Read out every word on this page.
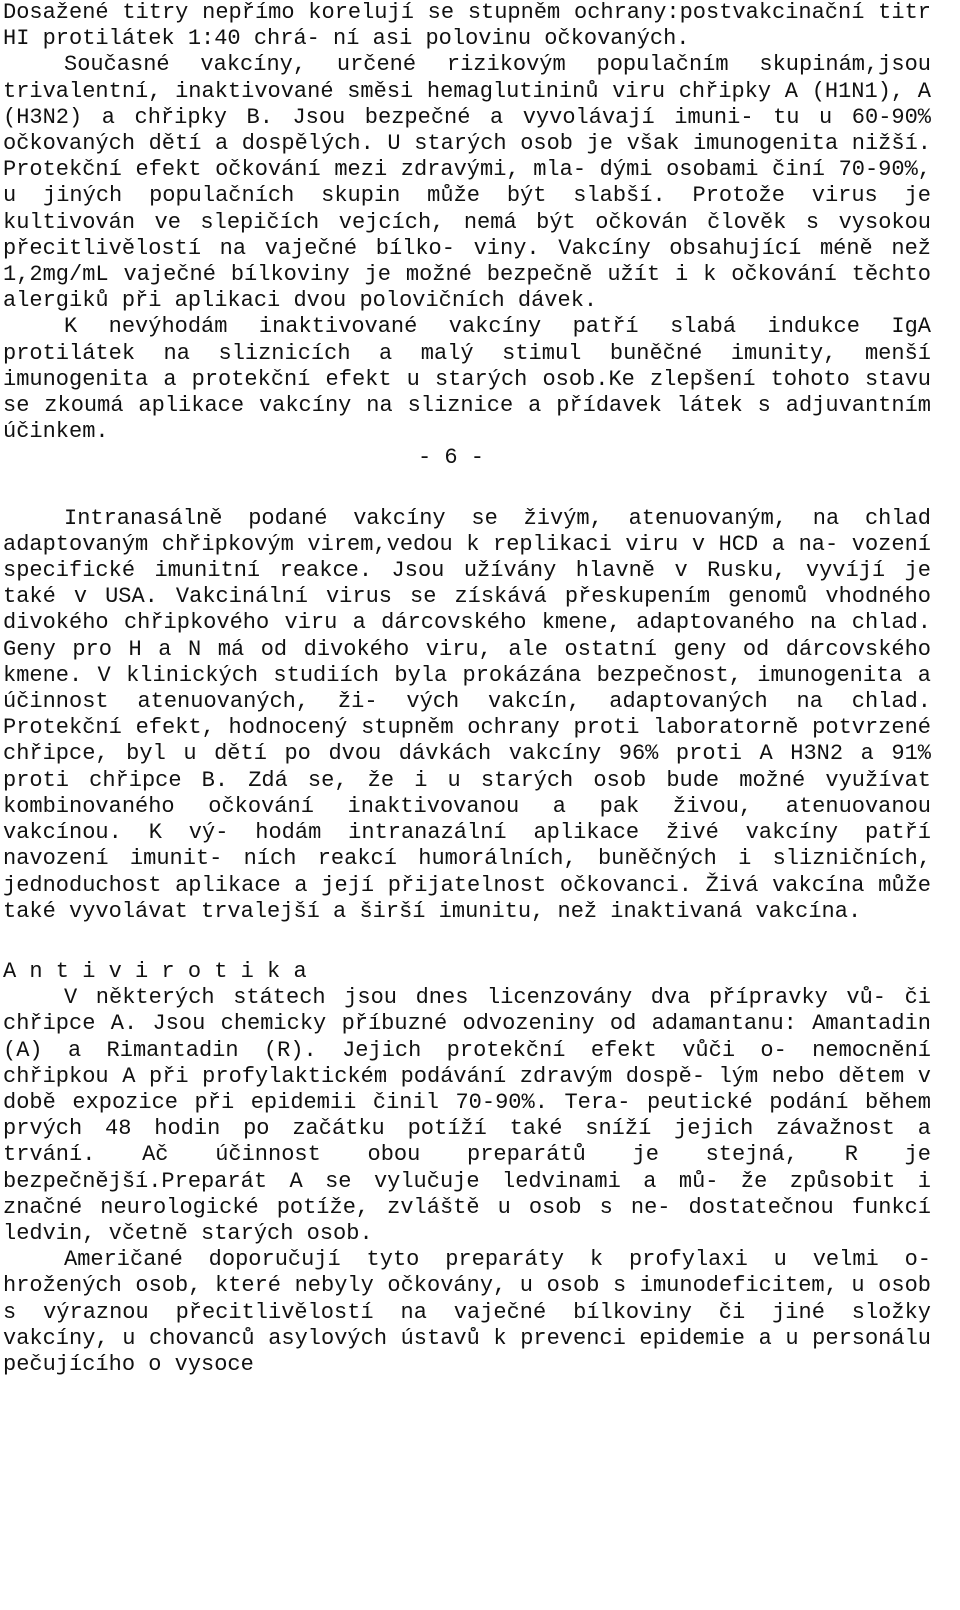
Dosažené titry nepřímo korelují se stupněm ochrany:postvakcinační titr HI protilátek 1:40 chrá- ní asi polovinu očkovaných.

Současné vakcíny, určené rizikovým populačním skupinám,jsou trivalentní, inaktivované směsi hemaglutininů viru chřipky A (H1N1), A (H3N2) a chřipky B. Jsou bezpečné a vyvolávají imuni- tu u 60-90% očkovaných dětí a dospělých. U starých osob je však imunogenita nižší. Protekční efekt očkování mezi zdravými, mla- dými osobami činí 70-90%, u jiných populačních skupin může být slabší. Protože virus je kultivován ve slepičích vejcích, nemá být očkován člověk s vysokou přecitlivělostí na vaječné bílko- viny. Vakcíny obsahující méně než 1,2mg/mL vaječné bílkoviny je možné bezpečně užít i k očkování těchto alergiků při aplikaci dvou polovičních dávek.

K nevýhodám inaktivované vakcíny patří slabá indukce IgA protilátek na sliznicích a malý stimul buněčné imunity, menší imunogenita a protekční efekt u starých osob.Ke zlepšení tohoto stavu se zkoumá aplikace vakcíny na sliznice a přídavek látek s adjuvantním účinkem.

- 6 -

Intranasálně podané vakcíny se živým, atenuovaným, na chlad adaptovaným chřipkovým virem,vedou k replikaci viru v HCD a na- vození specifické imunitní reakce. Jsou užívány hlavně v Rusku, vyvíjí je také v USA. Vakcinální virus se získává přeskupením genomů vhodného divokého chřipkového viru a dárcovského kmene, adaptovaného na chlad. Geny pro H a N má od divokého viru, ale ostatní geny od dárcovského kmene. V klinických studiích byla prokázána bezpečnost, imunogenita a účinnost atenuovaných, ži- vých vakcín, adaptovaných na chlad. Protekční efekt, hodnocený stupněm ochrany proti laboratorně potvrzené chřipce, byl u dětí po dvou dávkách vakcíny 96% proti A H3N2 a 91% proti chřipce B. Zdá se, že i u starých osob bude možné využívat kombinovaného očkování inaktivovanou a pak živou, atenuovanou vakcínou. K vý- hodám intranazální aplikace živé vakcíny patří navození imunit- ních reakcí humorálních, buněčných i slizničních, jednoduchost aplikace a její přijatelnost očkovanci. Živá vakcína může také vyvolávat trvalejší a širší imunitu, než inaktivaná vakcína.

A n t i v i r o t i k a

V některých státech jsou dnes licenzovány dva přípravky vů- či chřipce A. Jsou chemicky příbuzné odvozeniny od adamantanu: Amantadin (A) a Rimantadin (R). Jejich protekční efekt vůči o- nemocnění chřipkou A při profylaktickém podávání zdravým dospě- lým nebo dětem v době expozice při epidemii činil 70-90%. Tera- peutické podání během prvých 48 hodin po začátku potíží také sníží jejich závažnost a trvání. Ač účinnost obou preparátů je stejná, R je bezpečnější.Preparát A se vylučuje ledvinami a mů- že způsobit i značné neurologické potíže, zvláště u osob s ne- dostatečnou funkcí ledvin, včetně starých osob.

Američané doporučují tyto preparáty k profylaxi u velmi o- hrožených osob, které nebyly očkovány, u osob s imunodeficitem, u osob s výraznou přecitlivělostí na vaječné bílkoviny či jiné složky vakcíny, u chovanců asylových ústavů k prevenci epidemie a u personálu pečujícího o vysoce
